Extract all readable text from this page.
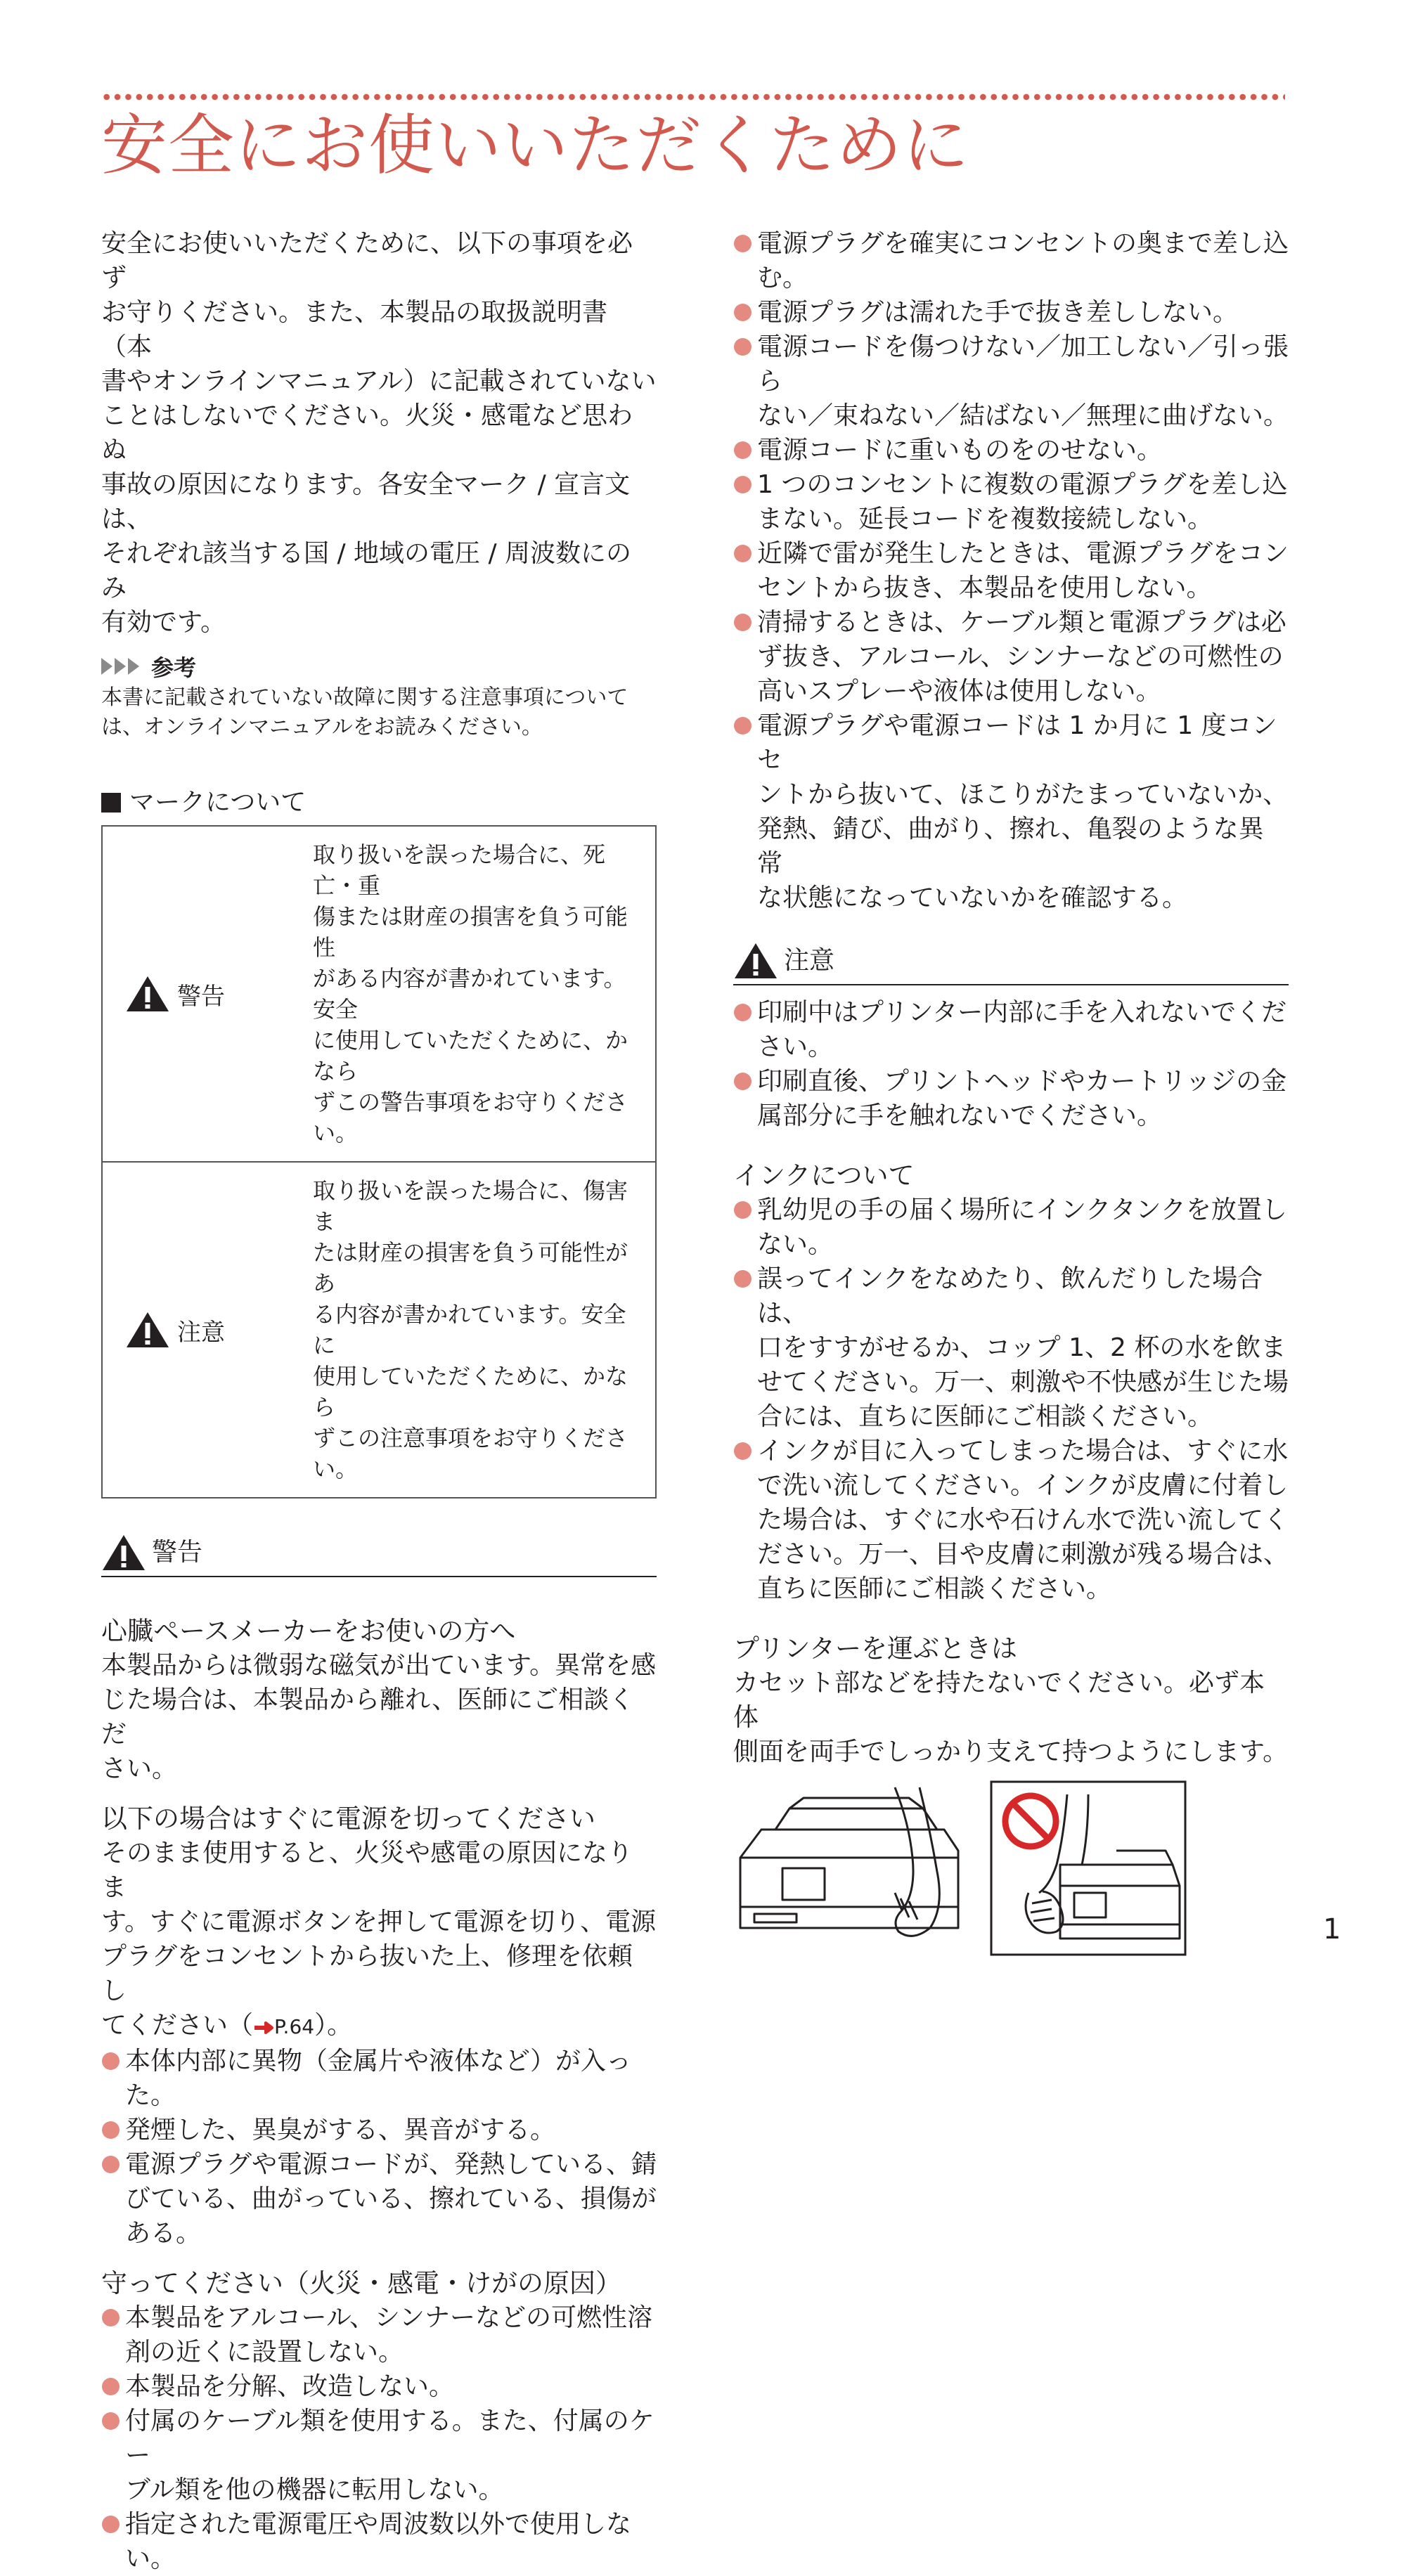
安全にお使いいただくために

安全にお使いいただくために、以下の事項を必ず
お守りください。また、本製品の取扱説明書（本
書やオンラインマニュアル）に記載されていない
ことはしないでください。火災・感電など思わぬ
事故の原因になります。各安全マーク / 宣言文は、
それぞれ該当する国 / 地域の電圧 / 周波数にのみ
有効です。

参考

本書に記載されていない故障に関する注意事項について
は、オンラインマニュアルをお読みください。

マークについて
警告	取り扱いを誤った場合に、死亡・重
傷または財産の損害を負う可能性
がある内容が書かれています。安全
に使用していただくために、かなら
ずこの警告事項をお守りください。

注意	取り扱いを誤った場合に、傷害ま
たは財産の損害を負う可能性があ
る内容が書かれています。安全に
使用していただくために、かなら
ずこの注意事項をお守りください。

警告

心臓ペースメーカーをお使いの方へ

本製品からは微弱な磁気が出ています。異常を感
じた場合は、本製品から離れ、医師にご相談くだ
さい。

以下の場合はすぐに電源を切ってください

そのまま使用すると、火災や感電の原因になりま
す。すぐに電源ボタンを押して電源を切り、電源
プラグをコンセントから抜いた上、修理を依頼し
てください（ P.64）。

本体内部に異物（金属片や液体など）が入った。
発煙した、異臭がする、異音がする。
電源プラグや電源コードが、発熱している、錆
びている、曲がっている、擦れている、損傷が
ある。

守ってください（火災・感電・けがの原因）

本製品をアルコール、シンナーなどの可燃性溶
剤の近くに設置しない。
本製品を分解、改造しない。
付属のケーブル類を使用する。また、付属のケー
ブル類を他の機器に転用しない。
指定された電源電圧や周波数以外で使用しない。
電源プラグを確実にコンセントの奥まで差し込
む。
電源プラグは濡れた手で抜き差ししない。
電源コードを傷つけない／加工しない／引っ張ら
ない／束ねない／結ばない／無理に曲げない。
電源コードに重いものをのせない。
1 つのコンセントに複数の電源プラグを差し込
まない。延長コードを複数接続しない。
近隣で雷が発生したときは、電源プラグをコン
セントから抜き、本製品を使用しない。
清掃するときは、ケーブル類と電源プラグは必
ず抜き、アルコール、シンナーなどの可燃性の
高いスプレーや液体は使用しない。
電源プラグや電源コードは 1 か月に 1 度コンセ
ントから抜いて、ほこりがたまっていないか、
発熱、錆び、曲がり、擦れ、亀裂のような異常
な状態になっていないかを確認する。
注意
印刷中はプリンター内部に手を入れないでくだ
さい。
印刷直後、プリントヘッドやカートリッジの金
属部分に手を触れないでください。

インクについて

乳幼児の手の届く場所にインクタンクを放置し
ない。
誤ってインクをなめたり、飲んだりした場合は、
口をすすがせるか、コップ 1、2 杯の水を飲ま
せてください。万一、刺激や不快感が生じた場
合には、直ちに医師にご相談ください。
インクが目に入ってしまった場合は、すぐに水
で洗い流してください。インクが皮膚に付着し
た場合は、すぐに水や石けん水で洗い流してく
ださい。万一、目や皮膚に刺激が残る場合は、
直ちに医師にご相談ください。

プリンターを運ぶときは

カセット部などを持たないでください。必ず本体
側面を両手でしっかり支えて持つようにします。

1
